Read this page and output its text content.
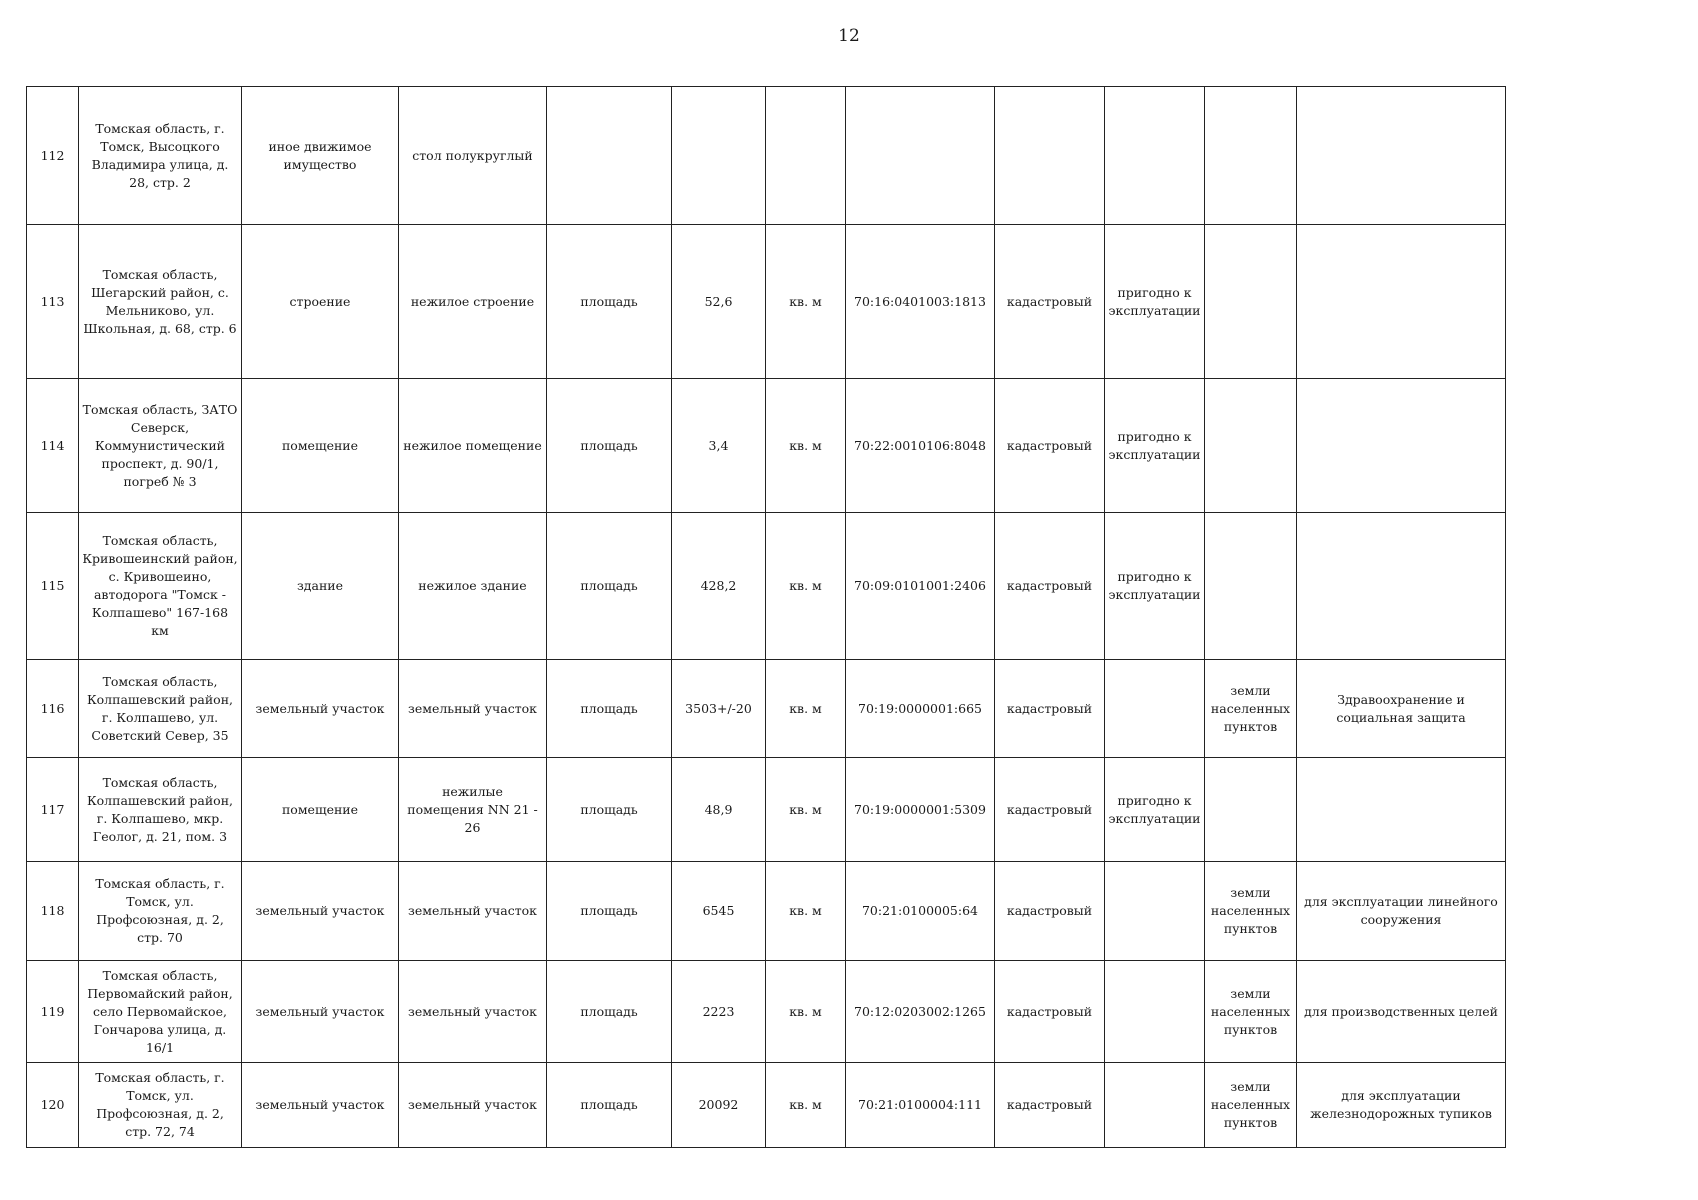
12
112	Томская область, г. Томск, Высоцкого Владимира улица, д. 28, стр. 2	иное движимое имущество	стол полукруглый								
113	Томская область, Шегарский район, с. Мельниково, ул. Школьная, д. 68, стр. 6	строение	нежилое строение	площадь	52,6	кв. м	70:16:0401003:1813	кадастровый	пригодно к эксплуатации		
114	Томская область, ЗАТО Северск, Коммунистический проспект, д. 90/1, погреб № 3	помещение	нежилое помещение	площадь	3,4	кв. м	70:22:0010106:8048	кадастровый	пригодно к эксплуатации		
115	Томская область, Кривошеинский район, с. Кривошеино, автодорога "Томск - Колпашево" 167-168 км	здание	нежилое здание	площадь	428,2	кв. м	70:09:0101001:2406	кадастровый	пригодно к эксплуатации		
116	Томская область, Колпашевский район, г. Колпашево, ул. Советский Север, 35	земельный участок	земельный участок	площадь	3503+/-20	кв. м	70:19:0000001:665	кадастровый		земли населенных пунктов	Здравоохранение и социальная защита
117	Томская область, Колпашевский район, г. Колпашево, мкр. Геолог, д. 21, пом. 3	помещение	нежилые помещения NN 21 - 26	площадь	48,9	кв. м	70:19:0000001:5309	кадастровый	пригодно к эксплуатации		
118	Томская область, г. Томск, ул. Профсоюзная, д. 2, стр. 70	земельный участок	земельный участок	площадь	6545	кв. м	70:21:0100005:64	кадастровый		земли населенных пунктов	для эксплуатации линейного сооружения
119	Томская область, Первомайский район, село Первомайское, Гончарова улица, д. 16/1	земельный участок	земельный участок	площадь	2223	кв. м	70:12:0203002:1265	кадастровый		земли населенных пунктов	для производственных целей
120	Томская область, г. Томск, ул. Профсоюзная, д. 2, стр. 72, 74	земельный участок	земельный участок	площадь	20092	кв. м	70:21:0100004:111	кадастровый		земли населенных пунктов	для эксплуатации железнодорожных тупиков
